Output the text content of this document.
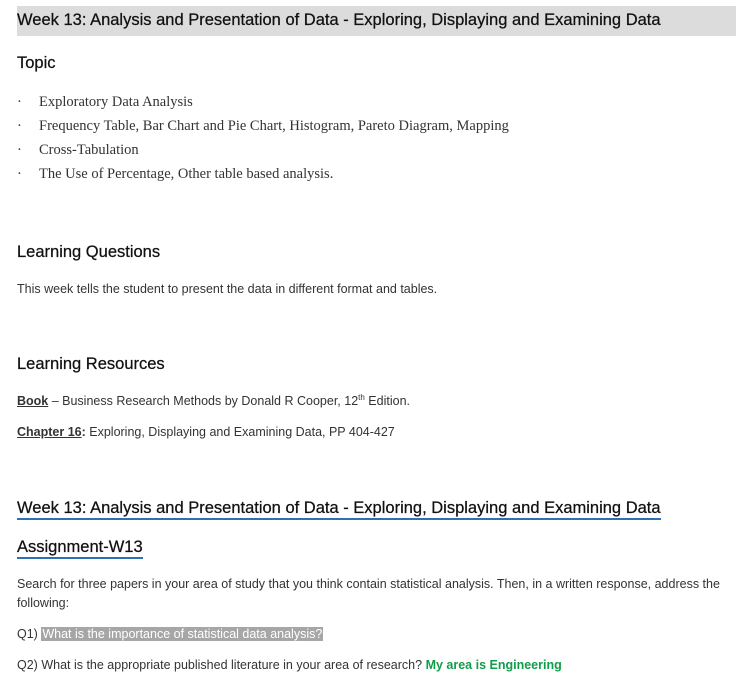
Week 13: Analysis and Presentation of Data - Exploring, Displaying and Examining Data
Topic
· Exploratory Data Analysis
· Frequency Table, Bar Chart and Pie Chart, Histogram, Pareto Diagram, Mapping
· Cross-Tabulation
· The Use of Percentage, Other table based analysis.
Learning Questions
This week tells the student to present the data in different format and tables.
Learning Resources
Book – Business Research Methods by Donald R Cooper, 12th Edition.
Chapter 16: Exploring, Displaying and Examining Data, PP 404-427
Week 13: Analysis and Presentation of Data - Exploring, Displaying and Examining Data
Assignment-W13
Search for three papers in your area of study that you think contain statistical analysis. Then, in a written response, address the following:
Q1) What is the importance of statistical data analysis?
Q2) What is the appropriate published literature in your area of research? My area is Engineering
